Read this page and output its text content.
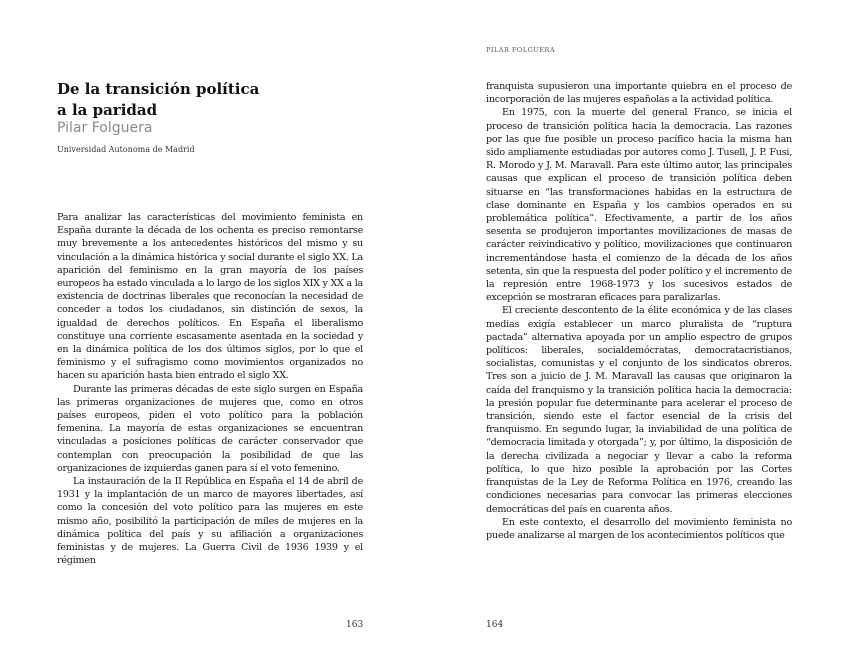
De la transición política
a la paridad
Pilar Folguera
Universidad Autonoma de Madrid

Para analizar las características del movimiento feminista en España durante la década de los ochenta es preciso remontarse muy brevemente a los antecedentes históricos del mismo y su vinculación a la dinámica histórica y social durante el siglo XX. La aparición del feminismo en la gran mayoría de los países europeos ha estado vinculada a lo largo de los siglos XIX y XX a la existencia de doctrinas liberales que reconocían la necesidad de conceder a todos los ciudadanos, sin distinción de sexos, la igualdad de derechos políticos. En España el liberalismo constituye una corriente escasamente asentada en la sociedad y en la dinámica política de los dos últimos siglos, por lo que el feminismo y el sufragismo como movimientos organizados no hacen su aparición hasta bien entrado el siglo XX.

Durante las primeras décadas de este siglo surgen en España las primeras organizaciones de mujeres que, como en otros países europeos, piden el voto político para la población femenina. La mayoría de estas organizaciones se encuentran vinculadas a posiciones políticas de carácter conservador que contemplan con preocupación la posibilidad de que las organizaciones de izquierdas ganen para sí el voto femenino.

La instauración de la II República en España el 14 de abril de 1931 y la implantación de un marco de mayores libertades, así como la concesión del voto político para las mujeres en este mismo año, posibilitó la participación de miles de mujeres en la dinámica política del país y su afiliación a organizaciones feministas y de mujeres. La Guerra Civil de 1936 1939 y el régimen

163
PILAR FOLGUERA

franquista supusieron una importante quiebra en el proceso de incorporación de las mujeres españolas a la actividad política.

En 1975, con la muerte del general Franco, se inicia el proceso de transición política hacia la democracia. Las razones por las que fue posible un proceso pacífico hacia la misma han sido ampliamente estudiadas por autores como J. Tusell, J. P. Fusi, R. Morodo y J. M. Maravall. Para este último autor, las principales causas que explican el proceso de transición política deben situarse en “las transformaciones habidas en la estructura de clase dominante en España y los cambios operados en su problemática política”. Efectivamente, a partir de los años sesenta se produjeron importantes movilizaciones de masas de carácter reivindicativo y político, movilizaciones que continuaron incrementándose hasta el comienzo de la década de los años setenta, sin que la respuesta del poder político y el incremento de la represión entre 1968-1973 y los sucesivos estados de excepción se mostraran eficaces para paralizarlas.

El creciente descontento de la élite económica y de las clases medias exigía establecer un marco pluralista de “ruptura pactada” alternativa apoyada por un amplio espectro de grupos políticos: liberales, socialdemócratas, democratacristianos, socialistas, comunistas y el conjunto de los sindicatos obreros. Tres son a juicio de J. M. Maravall las causas que originaron la caída del franquismo y la transición política hacia la democracia: la presión popular fue determinante para acelerar el proceso de transición, siendo este el factor esencial de la crisis del franquismo. En segundo lugar, la inviabilidad de una política de “democracia limitada y otorgada”; y, por último, la disposición de la derecha civilizada a negociar y llevar a cabo la reforma política, lo que hizo posible la aprobación por las Cortes franquistas de la Ley de Reforma Política en 1976, creando las condiciones necesarias para convocar las primeras elecciones democráticas del país en cuarenta años.

En este contexto, el desarrollo del movimiento feminista no puede analizarse al margen de los acontecimientos políticos que

164
